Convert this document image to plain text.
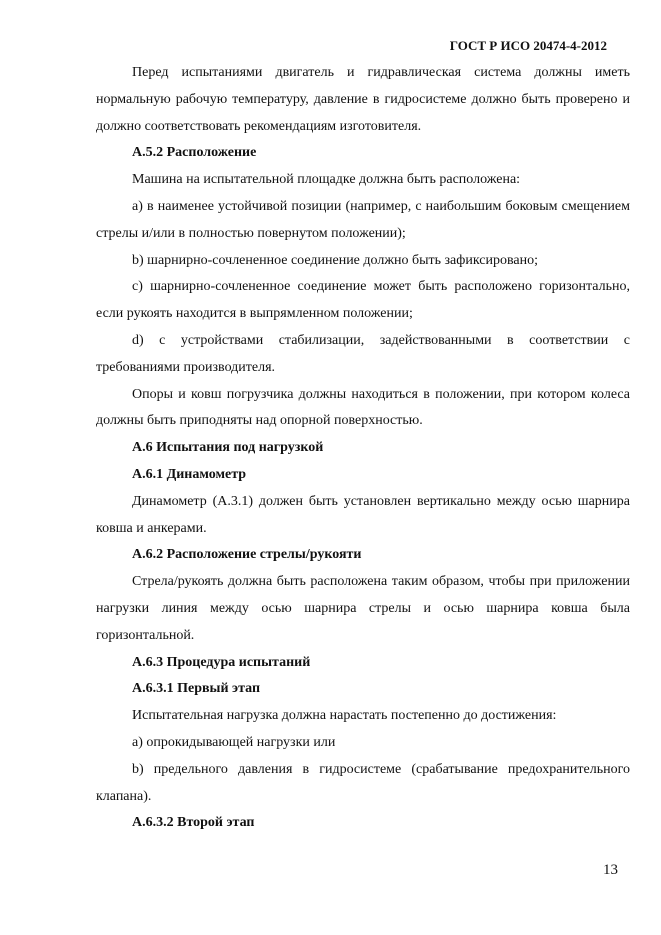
ГОСТ Р ИСО 20474-4-2012

Перед испытаниями двигатель и гидравлическая система должны иметь нормальную рабочую температуру, давление в гидросистеме должно быть проверено и должно соответствовать рекомендациям изготовителя.

А.5.2 Расположение

Машина на испытательной площадке должна быть расположена:

а) в наименее устойчивой позиции (например, с наибольшим боковым смещением стрелы и/или в полностью повернутом положении);

b) шарнирно-сочлененное соединение должно быть зафиксировано;

с) шарнирно-сочлененное соединение может быть расположено горизонтально, если рукоять находится в выпрямленном положении;

d) с устройствами стабилизации, задействованными в соответствии с требованиями производителя.

Опоры и ковш погрузчика должны находиться в положении, при котором колеса должны быть приподняты над опорной поверхностью.

А.6 Испытания под нагрузкой

А.6.1 Динамометр

Динамометр (А.3.1) должен быть установлен вертикально между осью шарнира ковша и анкерами.

А.6.2 Расположение стрелы/рукояти

Стрела/рукоять должна быть расположена таким образом, чтобы при приложении нагрузки линия между осью шарнира стрелы и осью шарнира ковша была горизонтальной.

А.6.3 Процедура испытаний

А.6.3.1 Первый этап

Испытательная нагрузка должна нарастать постепенно до достижения:

а) опрокидывающей нагрузки или

b) предельного давления в гидросистеме (срабатывание предохранительного клапана).

А.6.3.2 Второй этап

13
